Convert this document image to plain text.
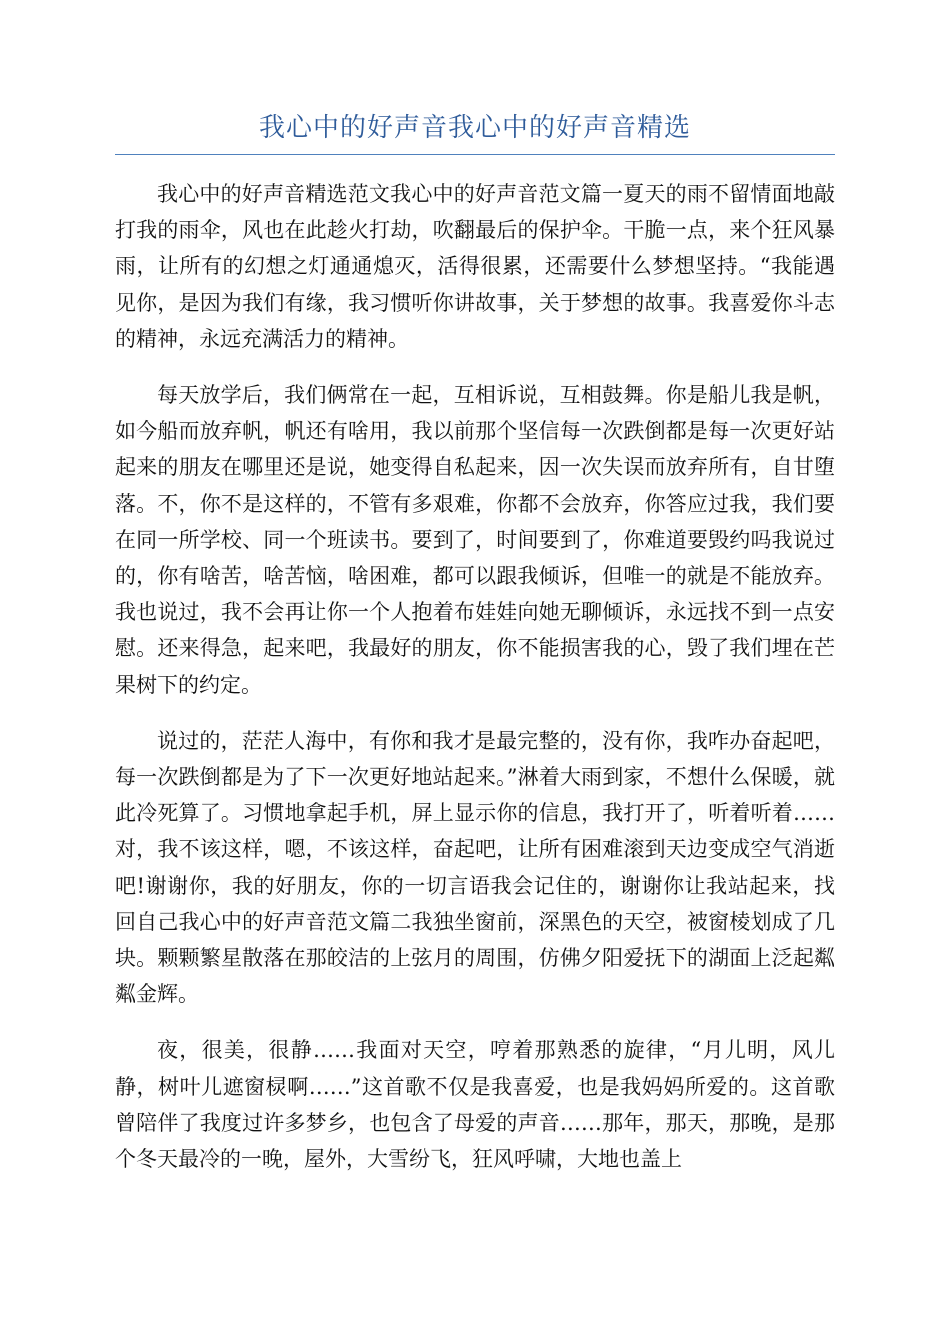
我心中的好声音我心中的好声音精选

我心中的好声音精选范文我心中的好声音范文篇一夏天的雨不留情面地敲打我的雨伞，风也在此趁火打劫，吹翻最后的保护伞。干脆一点，来个狂风暴雨，让所有的幻想之灯通通熄灭，活得很累，还需要什么梦想坚持。“我能遇见你，是因为我们有缘，我习惯听你讲故事，关于梦想的故事。我喜爱你斗志的精神，永远充满活力的精神。

每天放学后，我们俩常在一起，互相诉说，互相鼓舞。你是船儿我是帆，如今船而放弃帆，帆还有啥用，我以前那个坚信每一次跌倒都是每一次更好站起来的朋友在哪里还是说，她变得自私起来，因一次失误而放弃所有，自甘堕落。不，你不是这样的，不管有多艰难，你都不会放弃，你答应过我，我们要在同一所学校、同一个班读书。要到了，时间要到了，你难道要毁约吗我说过的，你有啥苦，啥苦恼，啥困难，都可以跟我倾诉，但唯一的就是不能放弃。我也说过，我不会再让你一个人抱着布娃娃向她无聊倾诉，永远找不到一点安慰。还来得急，起来吧，我最好的朋友，你不能损害我的心，毁了我们埋在芒果树下的约定。

说过的，茫茫人海中，有你和我才是最完整的，没有你，我咋办奋起吧，每一次跌倒都是为了下一次更好地站起来。”淋着大雨到家，不想什么保暖，就此冷死算了。习惯地拿起手机，屏上显示你的信息，我打开了，听着听着……对，我不该这样，嗯，不该这样，奋起吧，让所有困难滚到天边变成空气消逝吧!谢谢你，我的好朋友，你的一切言语我会记住的，谢谢你让我站起来，找回自己我心中的好声音范文篇二我独坐窗前，深黑色的天空，被窗棱划成了几块。颗颗繁星散落在那皎洁的上弦月的周围，仿佛夕阳爱抚下的湖面上泛起粼粼金辉。

夜，很美，很静……我面对天空，哼着那熟悉的旋律，“月儿明，风儿静，树叶儿遮窗棂啊……”这首歌不仅是我喜爱，也是我妈妈所爱的。这首歌曾陪伴了我度过许多梦乡，也包含了母爱的声音……那年，那天，那晚，是那个冬天最冷的一晚，屋外，大雪纷飞，狂风呼啸，大地也盖上
